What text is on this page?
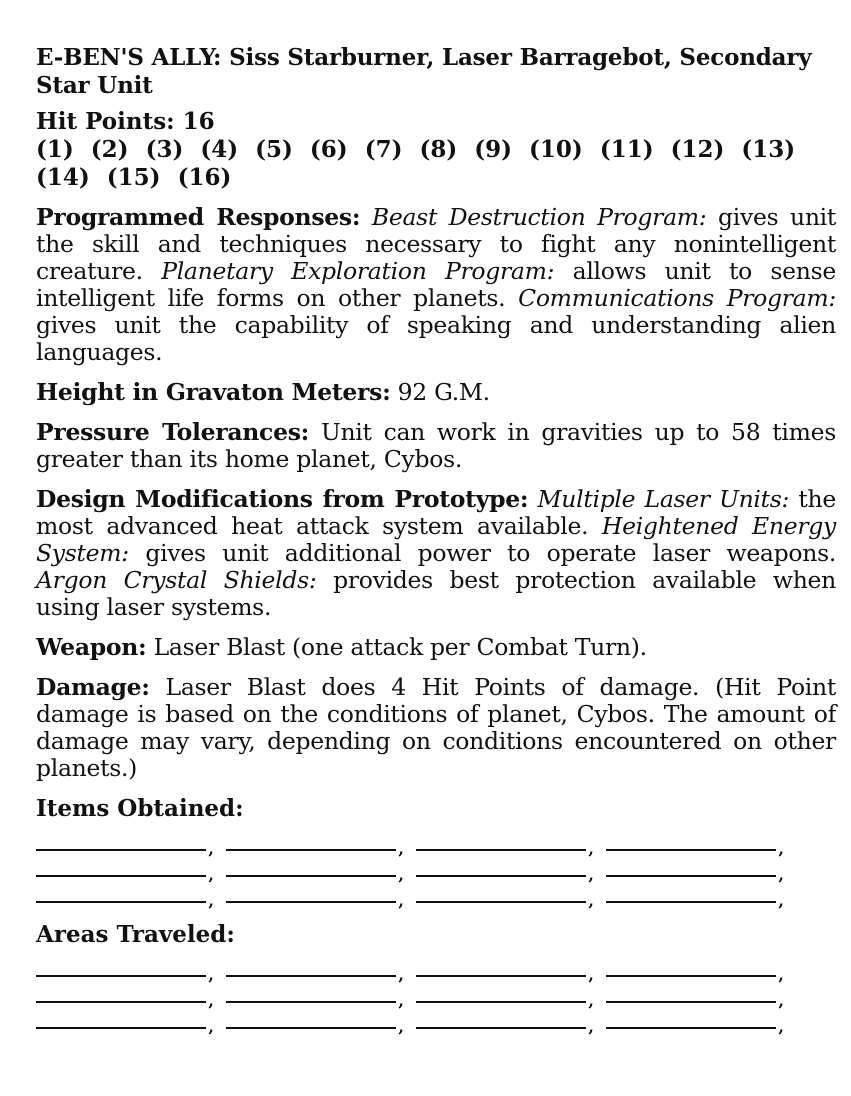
E-BEN'S ALLY: Siss Starburner, Laser Barragebot, Secondary Star Unit
Hit Points: 16
(1) (2) (3) (4) (5) (6) (7) (8) (9) (10) (11) (12) (13)
(14) (15) (16)

Programmed Responses: Beast Destruction Program: gives unit the skill and techniques necessary to fight any nonintelligent creature. Planetary Exploration Program: allows unit to sense intelligent life forms on other planets. Communications Program: gives unit the capability of speaking and understanding alien languages.

Height in Gravaton Meters: 92 G.M.

Pressure Tolerances: Unit can work in gravities up to 58 times greater than its home planet, Cybos.

Design Modifications from Prototype: Multiple Laser Units: the most advanced heat attack system available. Heightened Energy System: gives unit additional power to operate laser weapons. Argon Crystal Shields: provides best protection available when using laser systems.

Weapon: Laser Blast (one attack per Combat Turn).

Damage: Laser Blast does 4 Hit Points of damage. (Hit Point damage is based on the conditions of planet, Cybos. The amount of damage may vary, depending on conditions encountered on other planets.)

Items Obtained:
,
,
,
,
,
,
,
,
,
,
,
,
Areas Traveled:
,
,
,
,
,
,
,
,
,
,
,
,
